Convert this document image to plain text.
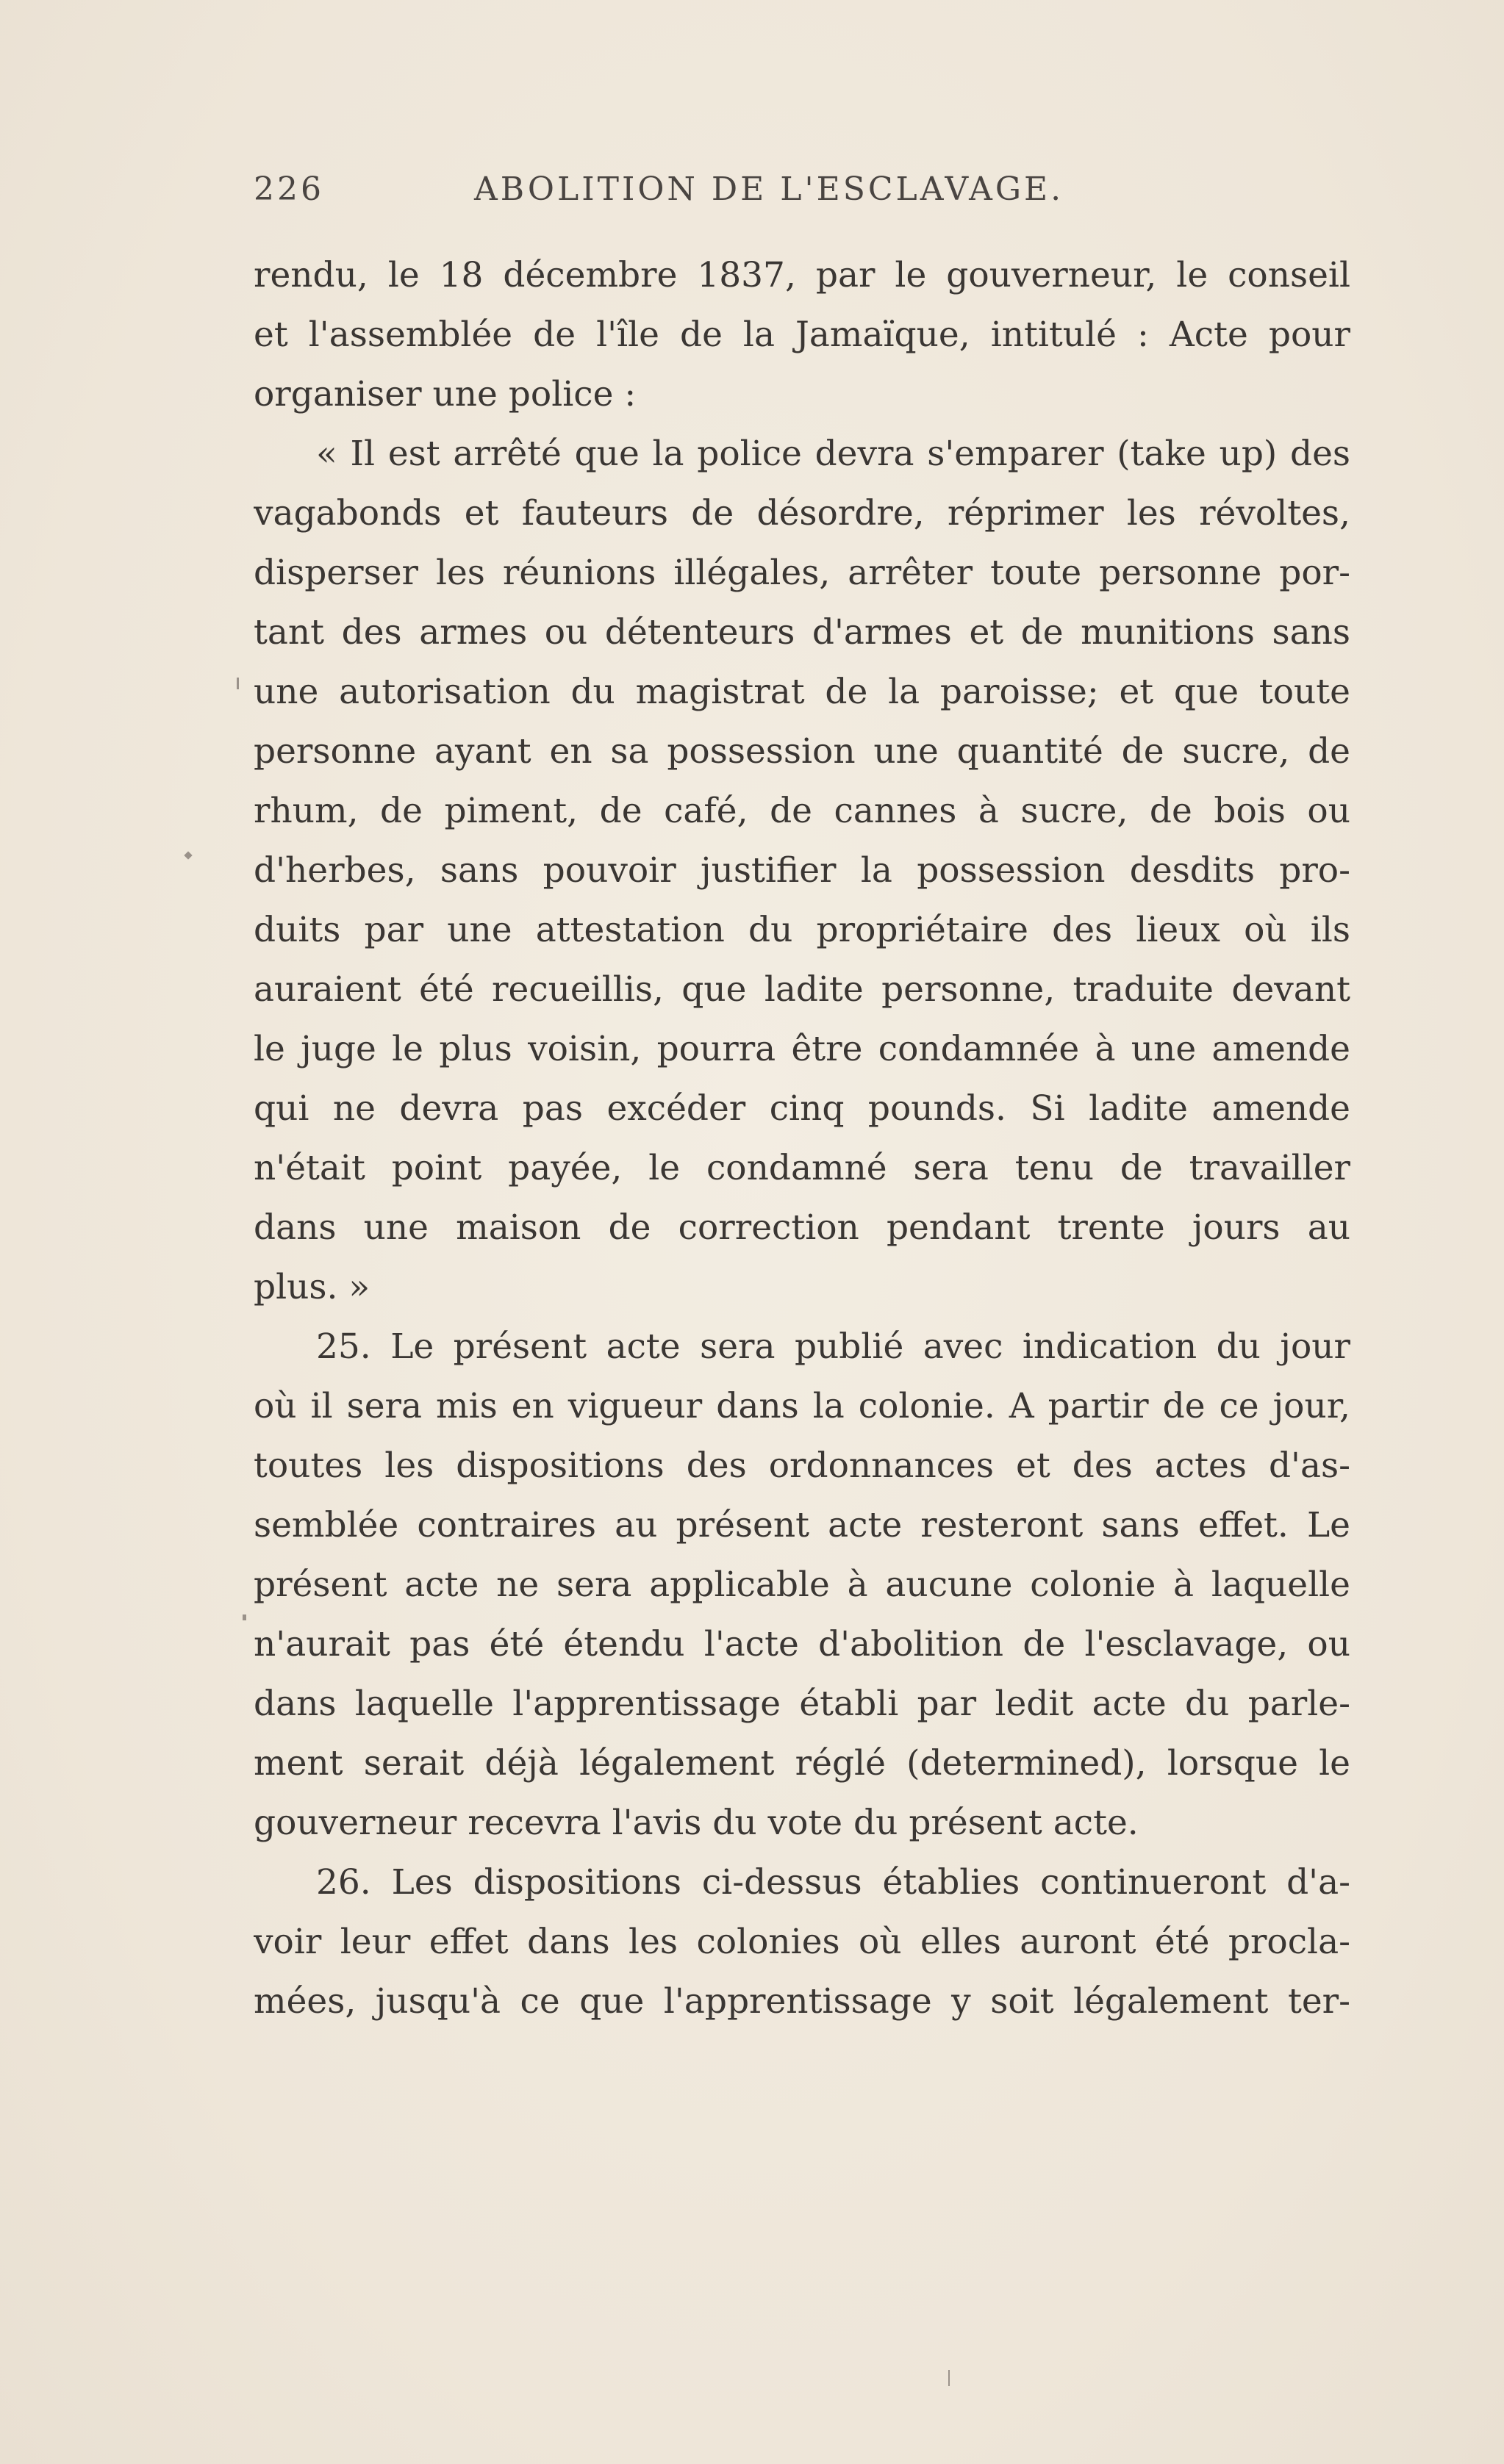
226	ABOLITION DE L'ESCLAVAGE.
rendu, le 18 décembre 1837, par le gouverneur, le conseil
et l'assemblée de l'île de la Jamaïque, intitulé : Acte pour
organiser une police :
« Il est arrêté que la police devra s'emparer (take up) des
vagabonds et fauteurs de désordre, réprimer les révoltes,
disperser les réunions illégales, arrêter toute personne por-
tant des armes ou détenteurs d'armes et de munitions sans
une autorisation du magistrat de la paroisse; et que toute
personne ayant en sa possession une quantité de sucre, de
rhum, de piment, de café, de cannes à sucre, de bois ou
d'herbes, sans pouvoir justifier la possession desdits pro-
duits par une attestation du propriétaire des lieux où ils
auraient été recueillis, que ladite personne, traduite devant
le juge le plus voisin, pourra être condamnée à une amende
qui ne devra pas excéder cinq pounds. Si ladite amende
n'était point payée, le condamné sera tenu de travailler
dans une maison de correction pendant trente jours au
plus. »
25. Le présent acte sera publié avec indication du jour
où il sera mis en vigueur dans la colonie. A partir de ce jour,
toutes les dispositions des ordonnances et des actes d'as-
semblée contraires au présent acte resteront sans effet. Le
présent acte ne sera applicable à aucune colonie à laquelle
n'aurait pas été étendu l'acte d'abolition de l'esclavage, ou
dans laquelle l'apprentissage établi par ledit acte du parle-
ment serait déjà légalement réglé (determined), lorsque le
gouverneur recevra l'avis du vote du présent acte.
26. Les dispositions ci-dessus établies continueront d'a-
voir leur effet dans les colonies où elles auront été procla-
mées, jusqu'à ce que l'apprentissage y soit légalement ter-
